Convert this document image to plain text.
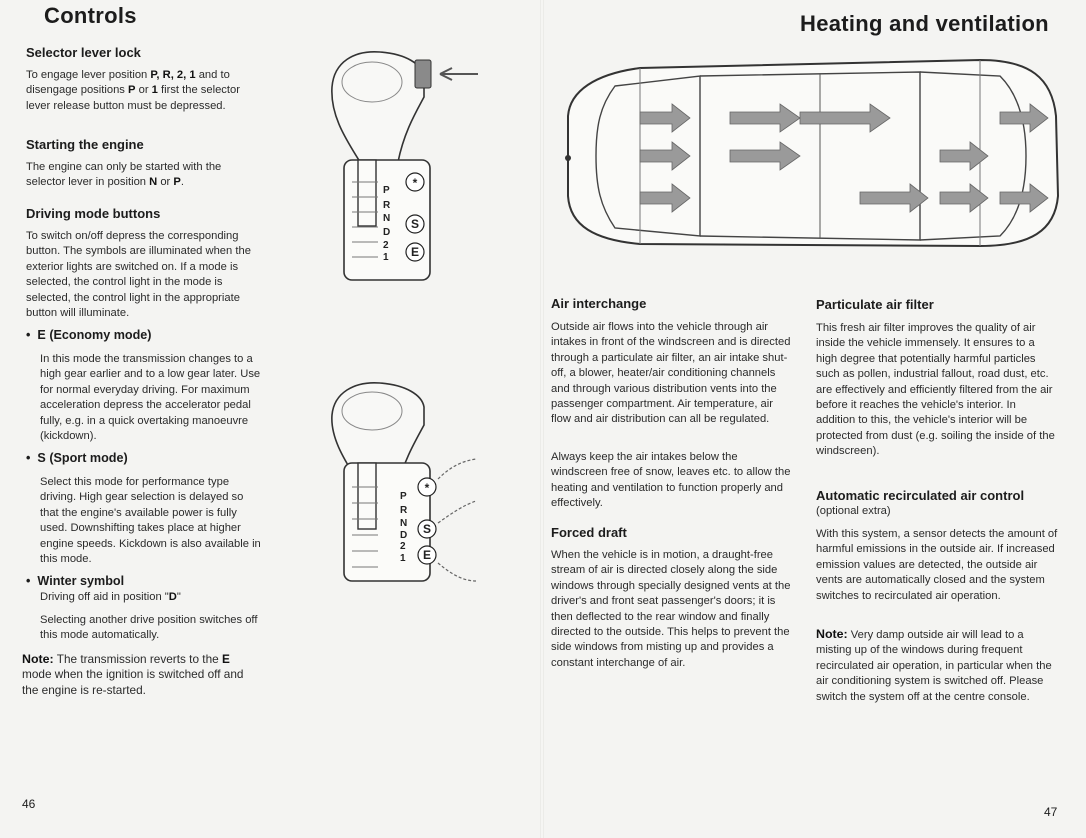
Controls
Selector lever lock
To engage lever position P, R, 2, 1 and to disengage positions P or 1 first the selector lever release button must be depressed.
Starting the engine
The engine can only be started with the selector lever in position N or P.
Driving mode buttons
To switch on/off depress the corresponding button. The symbols are illuminated when the exterior lights are switched on. If a mode is selected, the control light in the mode is selected, the control light in the appropriate button will illuminate.
•  E (Economy mode)
In this mode the transmission changes to a high gear earlier and to a low gear later. Use for normal everyday driving. For maximum acceleration depress the accelerator pedal fully, e.g. in a quick overtaking manoeuvre (kickdown).
•  S (Sport mode)
Select this mode for performance type driving. High gear selection is delayed so that the engine's available power is fully used. Downshifting takes place at higher engine speeds. Kickdown is also available in this mode.
•  Winter symbol
Driving off aid in position "D"
Selecting another drive position switches off this mode automatically.
Note: The transmission reverts to the E mode when the ignition is switched off and the engine is re-started.
46
P
R
N
D
2
1
*
S
E
P
R
N
D
2
1
*
S
E
Heating and ventilation
Air interchange
Outside air flows into the vehicle through air intakes in front of the windscreen and is directed through a particulate air filter, an air intake shut-off, a blower, heater/air conditioning channels and through various distribution vents into the passenger compartment. Air temperature, air flow and air distribution can all be regulated.
Always keep the air intakes below the windscreen free of snow, leaves etc. to allow the heating and ventilation to function properly and effectively.
Forced draft
When the vehicle is in motion, a draught-free stream of air is directed closely along the side windows through specially designed vents at the driver's and front seat passenger's doors; it is then deflected to the rear window and finally directed to the outside. This helps to prevent the side windows from misting up and provides a constant interchange of air.
Particulate air filter
This fresh air filter improves the quality of air inside the vehicle immensely. It ensures to a high degree that potentially harmful particles such as pollen, industrial fallout, road dust, etc. are effectively and efficiently filtered from the air before it reaches the vehicle's interior. In addition to this, the vehicle's interior will be protected from dust (e.g. soiling the inside of the windscreen).
Automatic recirculated air control
(optional extra)
With this system, a sensor detects the amount of harmful emissions in the outside air. If increased emission values are detected, the outside air vents are automatically closed and the system switches to recirculated air operation.
Note: Very damp outside air will lead to a misting up of the windows during frequent recirculated air operation, in particular when the air conditioning system is switched off. Please switch the system off at the centre console.
47
